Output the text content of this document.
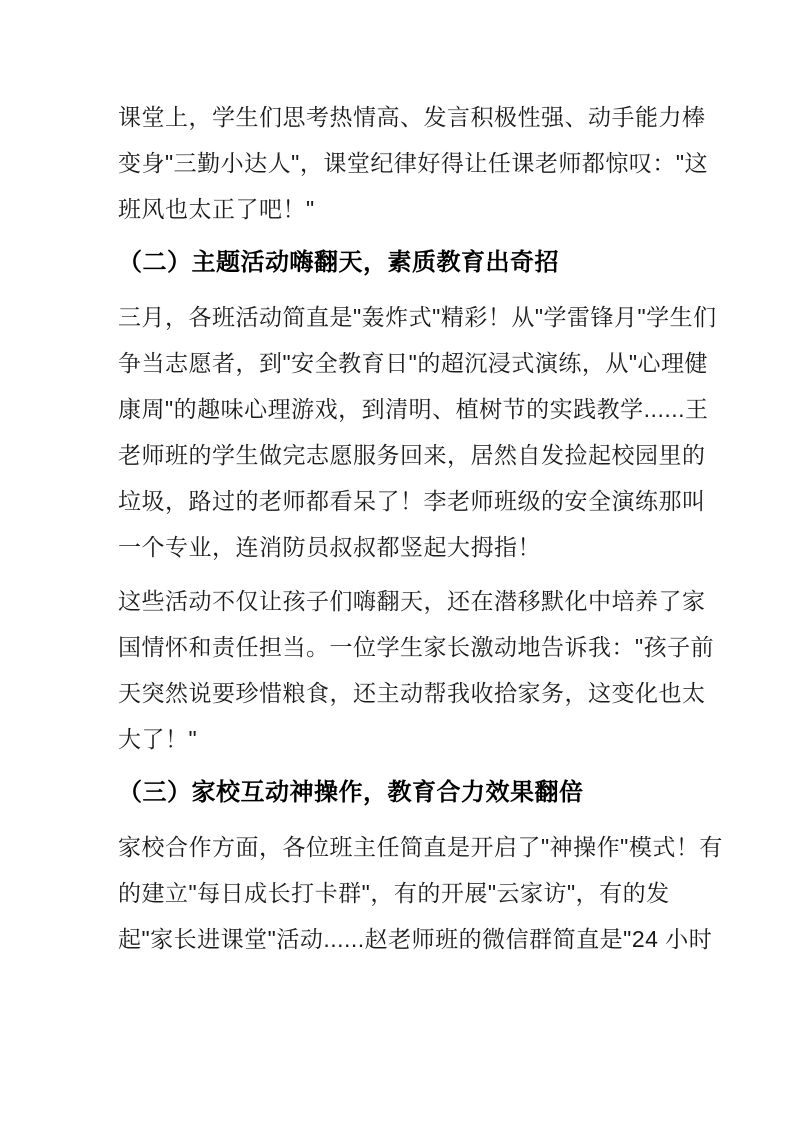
课堂上，学生们思考热情高、发言积极性强、动手能力棒
变身"三勤小达人"，课堂纪律好得让任课老师都惊叹："这
班风也太正了吧！"
（二）主题活动嗨翻天，素质教育出奇招
三月，各班活动简直是"轰炸式"精彩！从"学雷锋月"学生们
争当志愿者，到"安全教育日"的超沉浸式演练，从"心理健
康周"的趣味心理游戏，到清明、植树节的实践教学......王
老师班的学生做完志愿服务回来，居然自发捡起校园里的
垃圾，路过的老师都看呆了！李老师班级的安全演练那叫
一个专业，连消防员叔叔都竖起大拇指！
这些活动不仅让孩子们嗨翻天，还在潜移默化中培养了家
国情怀和责任担当。一位学生家长激动地告诉我："孩子前
天突然说要珍惜粮食，还主动帮我收拾家务，这变化也太
大了！"
（三）家校互动神操作，教育合力效果翻倍
家校合作方面，各位班主任简直是开启了"神操作"模式！有
的建立"每日成长打卡群"，有的开展"云家访"，有的发
起"家长进课堂"活动......赵老师班的微信群简直是"24 小时
